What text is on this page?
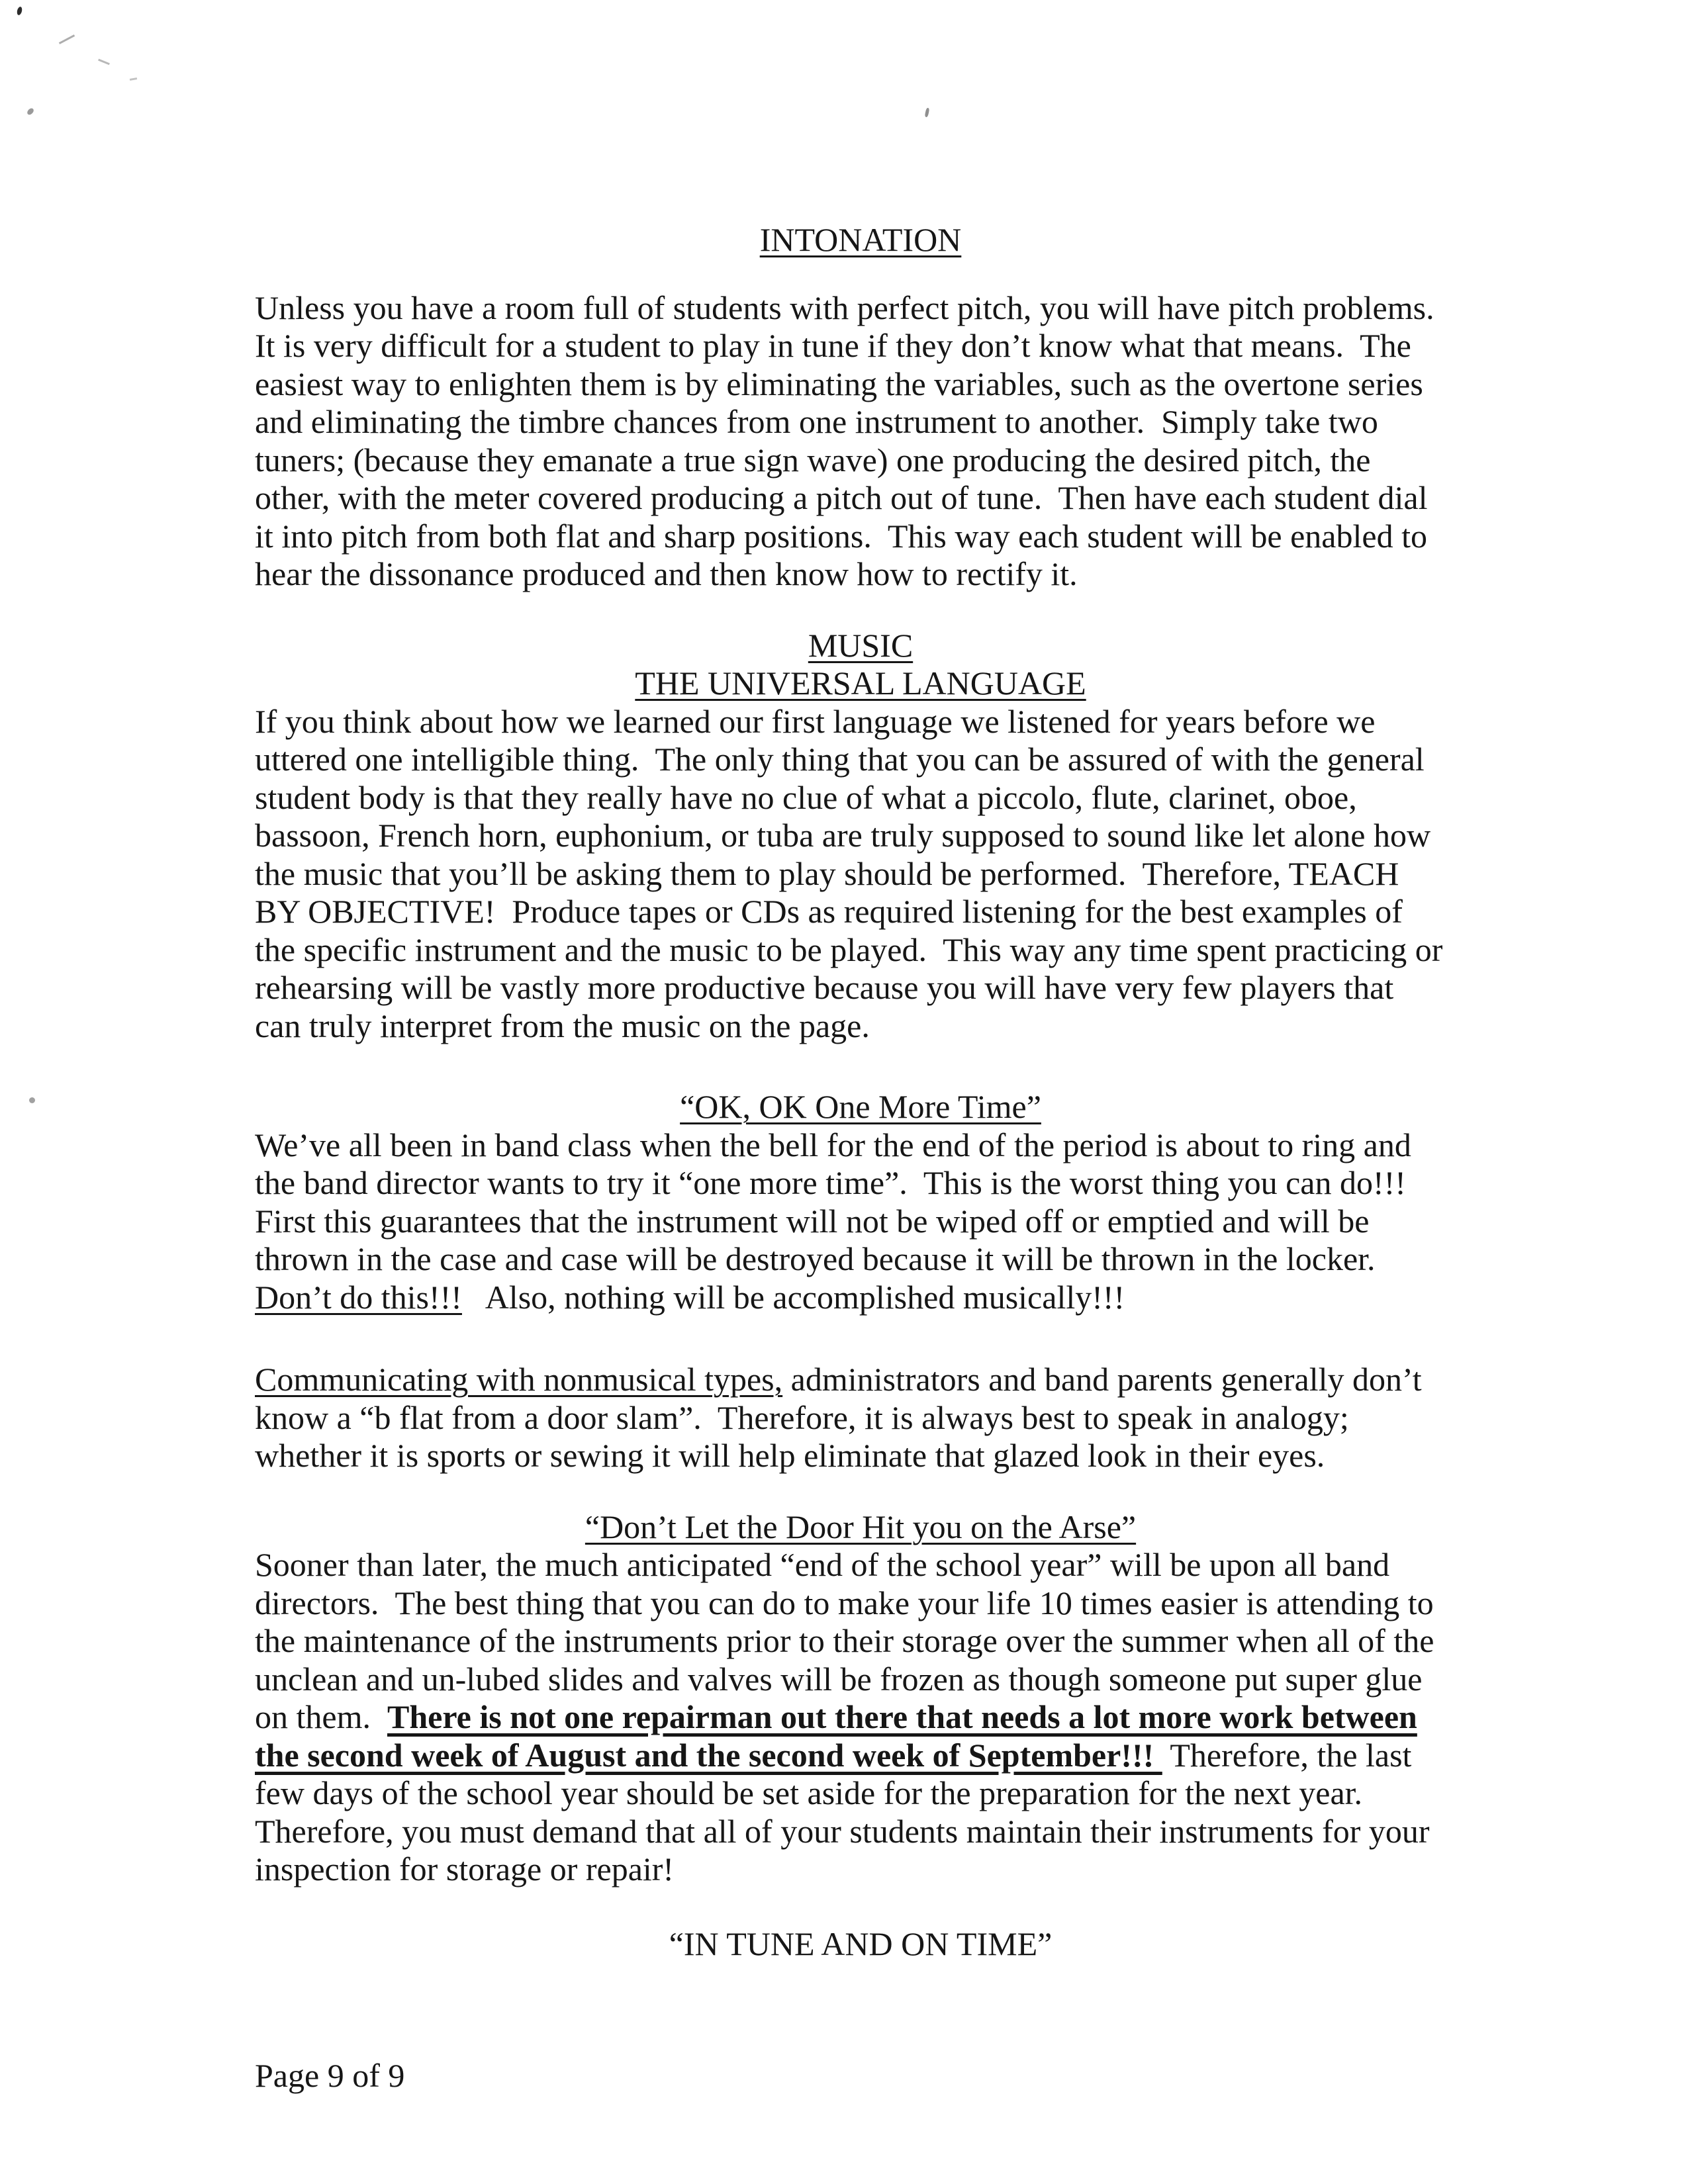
INTONATION
Unless you have a room full of students with perfect pitch, you will have pitch problems.
It is very difficult for a student to play in tune if they don’t know what that means.  The
easiest way to enlighten them is by eliminating the variables, such as the overtone series
and eliminating the timbre chances from one instrument to another.  Simply take two
tuners; (because they emanate a true sign wave) one producing the desired pitch, the
other, with the meter covered producing a pitch out of tune.  Then have each student dial
it into pitch from both flat and sharp positions.  This way each student will be enabled to
hear the dissonance produced and then know how to rectify it.
MUSIC
THE UNIVERSAL LANGUAGE
If you think about how we learned our first language we listened for years before we
uttered one intelligible thing.  The only thing that you can be assured of with the general
student body is that they really have no clue of what a piccolo, flute, clarinet, oboe,
bassoon, French horn, euphonium, or tuba are truly supposed to sound like let alone how
the music that you’ll be asking them to play should be performed.  Therefore, TEACH
BY OBJECTIVE!  Produce tapes or CDs as required listening for the best examples of
the specific instrument and the music to be played.  This way any time spent practicing or
rehearsing will be vastly more productive because you will have very few players that
can truly interpret from the music on the page.
“OK, OK One More Time”
We’ve all been in band class when the bell for the end of the period is about to ring and
the band director wants to try it “one more time”.  This is the worst thing you can do!!!
First this guarantees that the instrument will not be wiped off or emptied and will be
thrown in the case and case will be destroyed because it will be thrown in the locker.
Don’t do this!!!   Also, nothing will be accomplished musically!!!
Communicating with nonmusical types, administrators and band parents generally don’t
know a “b flat from a door slam”.  Therefore, it is always best to speak in analogy;
whether it is sports or sewing it will help eliminate that glazed look in their eyes.
“Don’t Let the Door Hit you on the Arse”
Sooner than later, the much anticipated “end of the school year” will be upon all band
directors.  The best thing that you can do to make your life 10 times easier is attending to
the maintenance of the instruments prior to their storage over the summer when all of the
unclean and un-lubed slides and valves will be frozen as though someone put super glue
on them.  There is not one repairman out there that needs a lot more work between
the second week of August and the second week of September!!!  Therefore, the last
few days of the school year should be set aside for the preparation for the next year.
Therefore, you must demand that all of your students maintain their instruments for your
inspection for storage or repair!
“IN TUNE AND ON TIME”
Page 9 of 9
